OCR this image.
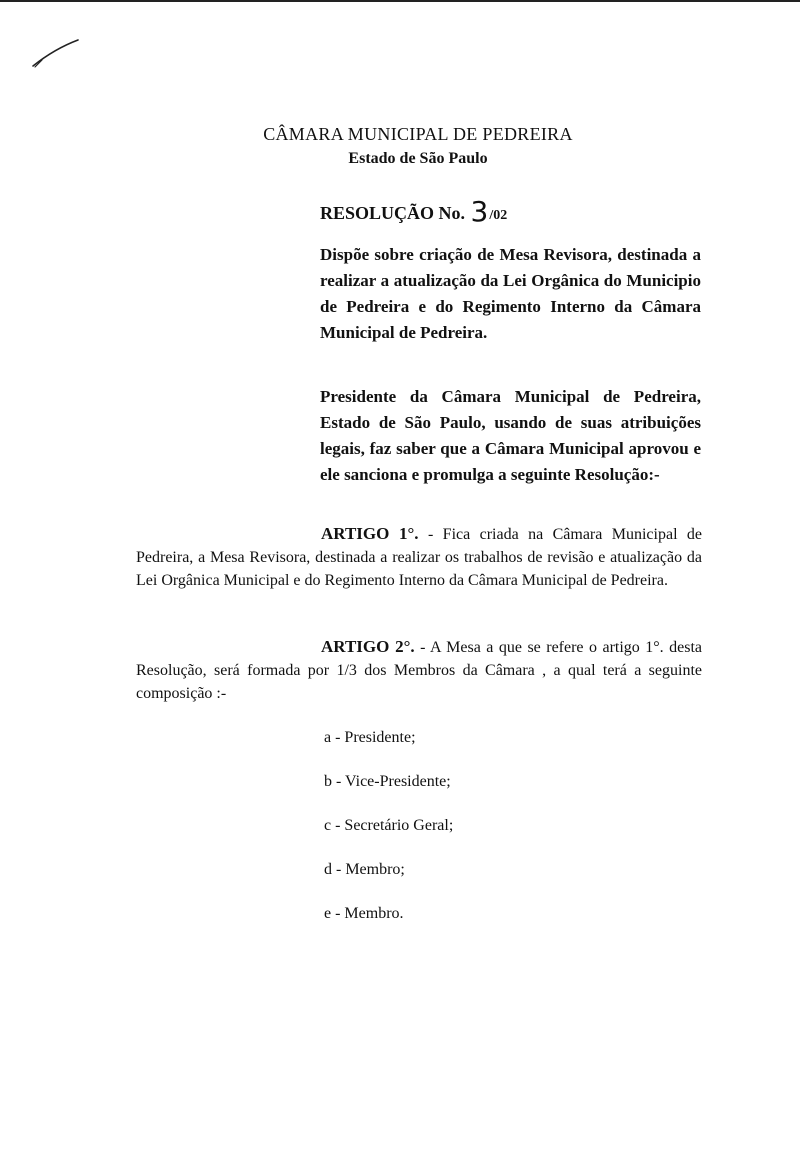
CÂMARA MUNICIPAL DE PEDREIRA
Estado de São Paulo
RESOLUÇÃO No. 3/02
Dispõe sobre criação de Mesa Revisora, destinada a realizar a atualização da Lei Orgânica do Municipio de Pedreira e do Regimento Interno da Câmara Municipal de Pedreira.
Presidente da Câmara Municipal de Pedreira, Estado de São Paulo, usando de suas atribuições legais, faz saber que a Câmara Municipal aprovou e ele sanciona e promulga a seguinte Resolução:-
ARTIGO 1°. - Fica criada na Câmara Municipal de Pedreira, a Mesa Revisora, destinada a realizar os trabalhos de revisão e atualização da Lei Orgânica Municipal e do Regimento Interno da Câmara Municipal de Pedreira.
ARTIGO 2°. - A Mesa a que se refere o artigo 1°. desta Resolução, será formada por 1/3 dos Membros da Câmara , a qual terá a seguinte composição :-
a - Presidente;
b - Vice-Presidente;
c - Secretário Geral;
d - Membro;
e - Membro.
